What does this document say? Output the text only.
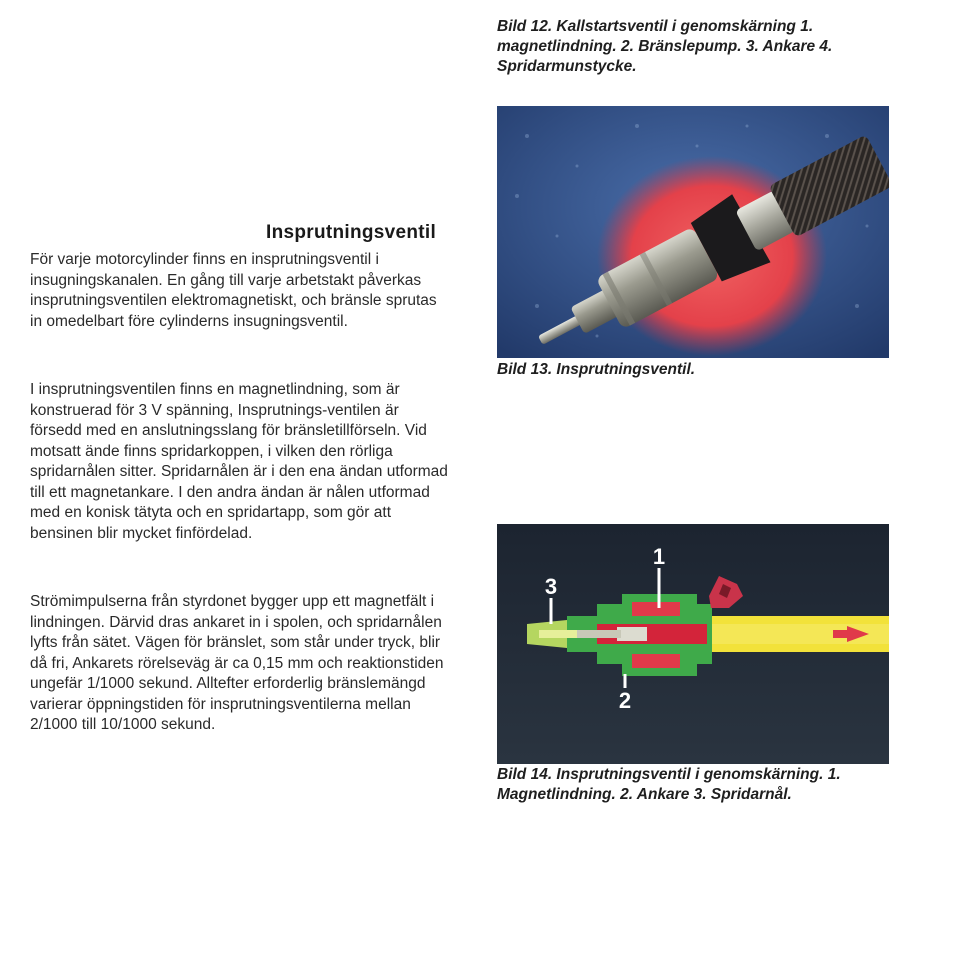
Bild 12. Kallstartsventil i genomskärning 1. magnetlindning. 2. Bränslepump. 3. Ankare 4. Spridarmunstycke.
Bild 13. Insprutningsventil.
Insprutningsventil

För varje motorcylinder finns en insprutningsventil i insugningskanalen. En gång till varje arbetstakt påverkas insprutningsventilen elektromagnetiskt, och bränsle sprutas in omedelbart före cylinderns insugningsventil.

I insprutningsventilen finns en magnetlindning, som är konstruerad för 3 V spänning, Insprutnings-ventilen är försedd med en anslutningsslang för bränsletillförseln. Vid motsatt ände finns spridarkoppen, i vilken den rörliga spridarnålen sitter. Spridarnålen är i den ena ändan utformad till ett magnetankare. I den andra ändan är nålen utformad med en konisk tätyta och en spridartapp, som gör att bensinen blir mycket finfördelad.

Strömimpulserna från styrdonet bygger upp ett magnetfält i lindningen. Därvid dras ankaret in i spolen, och spridarnålen lyfts från sätet. Vägen för bränslet, som står under tryck, blir då fri, Ankarets rörelseväg är ca 0,15 mm och reaktionstiden ungefär 1/1000 sekund. Alltefter erforderlig bränslemängd varierar öppningstiden för insprutningsventilerna mellan 2/1000 till 10/1000 sekund.

1
2
3
Bild 14. Insprutningsventil i genomskärning. 1. Magnetlindning. 2. Ankare 3. Spridarnål.
